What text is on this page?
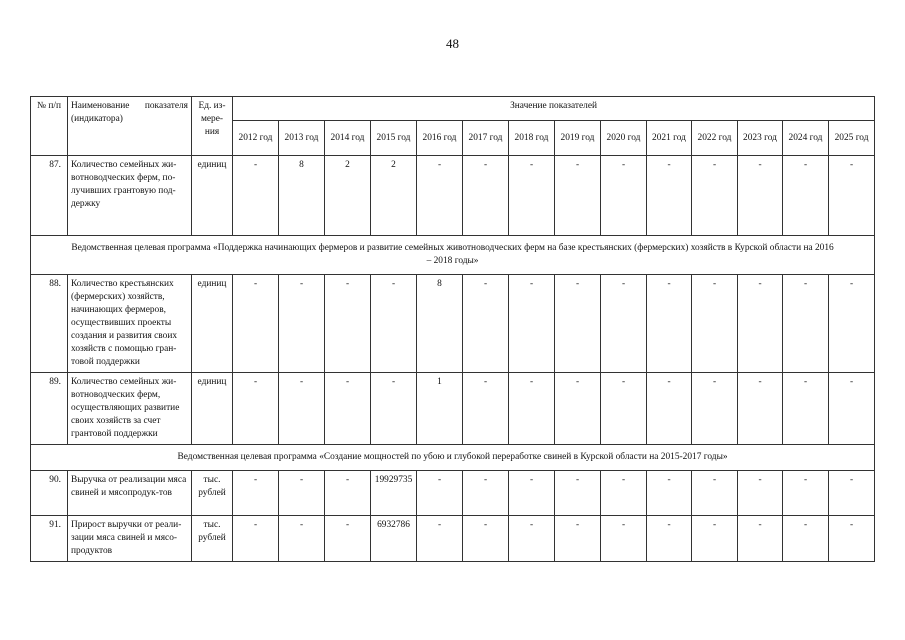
48
№ п/п	Наименование показателя (индикатора)	Ед. из-мере-ния	Значение показателей													
			2012 год	2013 год	2014 год	2015 год	2016 год	2017 год	2018 год	2019 год	2020 год	2021 год	2022 год	2023 год	2024 год	2025 год
87.	Количество семейных жи-вотноводческих ферм, по-лучивших грантовую под-держку	единиц	-	8	2	2	-	-	-	-	-	-	-	-	-	-
Ведомственная целевая программа «Поддержка начинающих фермеров и развитие семейных животноводческих ферм на базе крестьянских (фермерских) хозяйств в Курской области на 2016 – 2018 годы»																
88.	Количество крестьянских (фермерских) хозяйств, начинающих фермеров, осуществивших проекты создания и развития своих хозяйств с помощью гран-товой поддержки	единиц	-	-	-	-	8	-	-	-	-	-	-	-	-	-
89.	Количество семейных жи-вотноводческих ферм, осуществляющих развитие своих хозяйств за счет грантовой поддержки	единиц	-	-	-	-	1	-	-	-	-	-	-	-	-	-
Ведомственная целевая программа «Создание мощностей по убою и глубокой переработке свиней в Курской области на 2015-2017 годы»																
90.	Выручка от реализации мяса свиней и мясопродук-тов	тыс. рублей	-	-	-	19929735	-	-	-	-	-	-	-	-	-	-
91.	Прирост выручки от реали-зации мяса свиней и мясо-продуктов	тыс. рублей	-	-	-	6932786	-	-	-	-	-	-	-	-	-	-
